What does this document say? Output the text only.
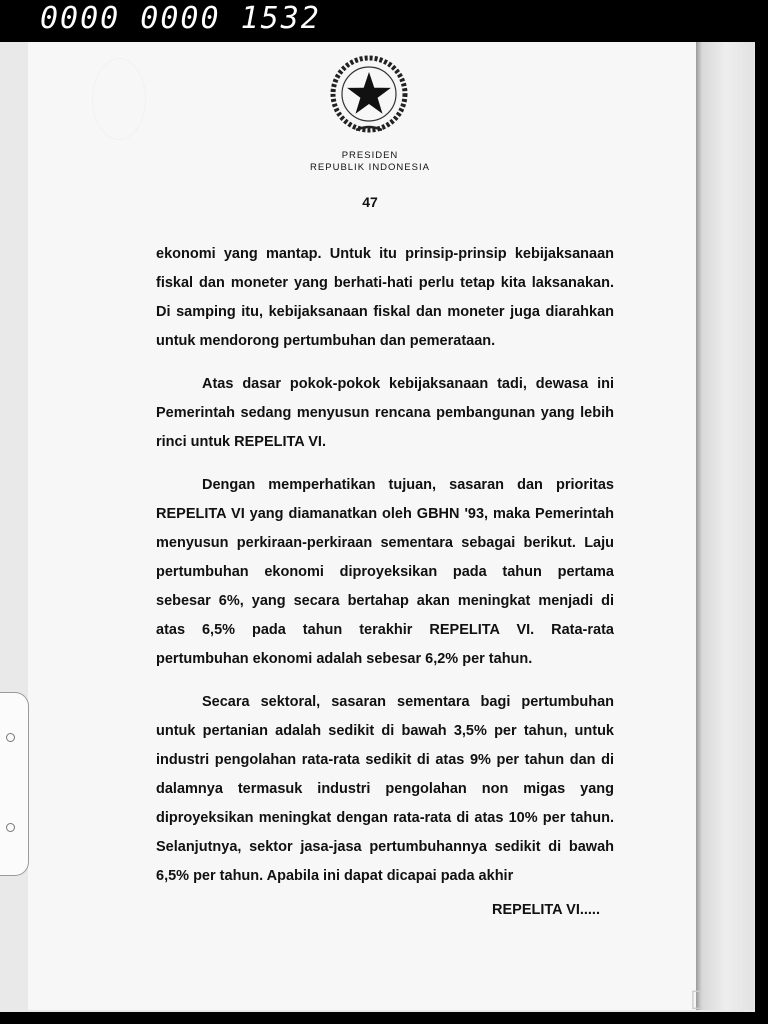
0000 0000 1532
PRESIDEN
REPUBLIK INDONESIA
47

ekonomi yang mantap. Untuk itu prinsip-prinsip kebijaksanaan fiskal dan moneter yang berhati-hati perlu tetap kita laksanakan. Di samping itu, kebijaksanaan fiskal dan moneter juga diarahkan untuk mendorong pertumbuhan dan pemerataan.

Atas dasar pokok-pokok kebijaksanaan tadi, dewasa ini Pemerintah sedang menyusun rencana pembangunan yang lebih rinci untuk REPELITA VI.

Dengan memperhatikan tujuan, sasaran dan prioritas REPELITA VI yang diamanatkan oleh GBHN '93, maka Pemerintah menyusun perkiraan-perkiraan sementara sebagai berikut. Laju pertumbuhan ekonomi diproyeksikan pada tahun pertama sebesar 6%, yang secara bertahap akan meningkat menjadi di atas 6,5% pada tahun terakhir REPELITA VI. Rata-rata pertumbuhan ekonomi adalah sebesar 6,2% per tahun.

Secara sektoral, sasaran sementara bagi pertumbuhan untuk pertanian adalah sedikit di bawah 3,5% per tahun, untuk industri pengolahan rata-rata sedikit di atas 9% per tahun dan di dalamnya termasuk industri pengolahan non migas yang diproyeksikan meningkat dengan rata-rata di atas 10% per tahun. Selanjutnya, sektor jasa-jasa pertumbuhannya sedikit di bawah 6,5% per tahun. Apabila ini dapat dicapai pada akhir

REPELITA VI.....
▯
